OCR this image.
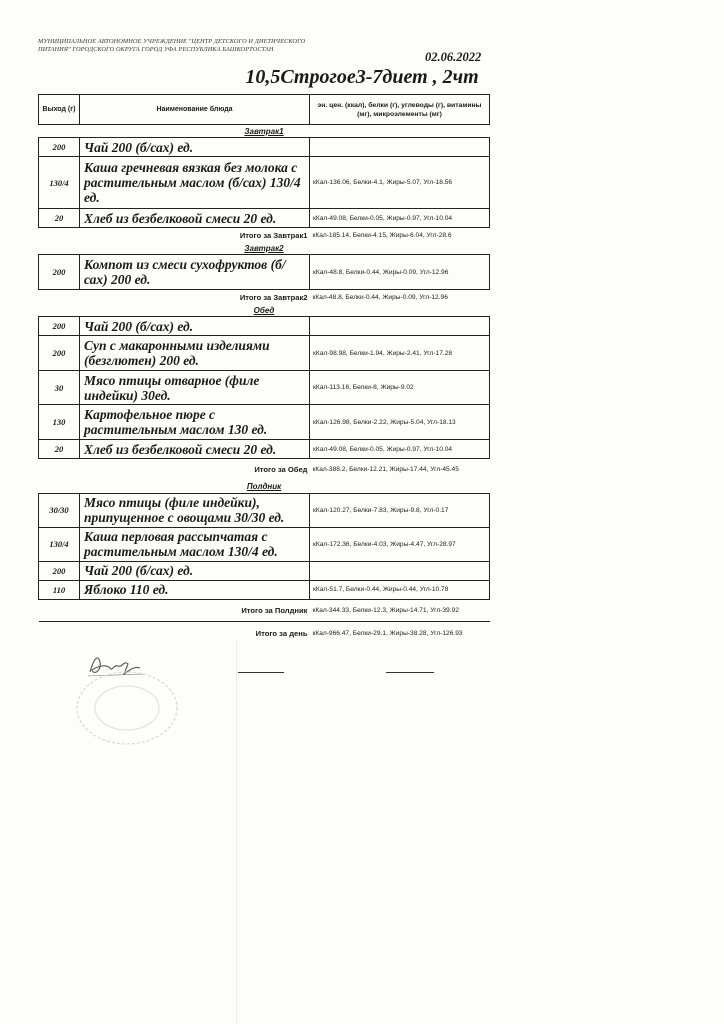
МУНИЦИПАЛЬНОЕ АВТОНОМНОЕ УЧРЕЖДЕНИЕ "ЦЕНТР ДЕТСКОГО И ДИЕТИЧЕСКОГО ПИТАНИЯ" ГОРОДСКОГО ОКРУГА ГОРОД УФА РЕСПУБЛИКА БАШКОРТОСТАН
02.06.2022
10,5Строгое3-7диет , 2чт
Выход (г)	Наименование блюда	эн. цен. (ккал), белки (г), углеводы (г), витамины (мг), микроэлементы (мг)
Завтрак1		
200	Чай 200 (б/сах) ед.	
130/4	Каша гречневая вязкая без молока с растительным маслом (б/сах) 130/4 ед.	кКал-136.06, Белки-4.1, Жиры-5.07, Угл-18.56
20	Хлеб из безбелковой смеси 20 ед.	кКал-49.08, Белки-0.05, Жиры-0.97, Угл-10.04
Итого за Завтрак1		кКал-185.14, Белки-4.15, Жиры-6.04, Угл-28.6
Завтрак2		
200	Компот из смеси сухофруктов (б/сах) 200 ед.	кКал-48.8, Белки-0.44, Жиры-0.09, Угл-12.96
Итого за Завтрак2		кКал-48.8, Белки-0.44, Жиры-0.09, Угл-12.96
Обед		
200	Чай 200 (б/сах) ед.	
200	Суп с макаронными изделиями (безглютен) 200 ед.	кКал-98.98, Белки-1.94, Жиры-2.41, Угл-17.28
30	Мясо птицы отварное (филе индейки) 30ед.	кКал-113.16, Белки-8, Жиры-9.02
130	Картофельное пюре с растительным маслом 130 ед.	кКал-126.98, Белки-2.22, Жиры-5.04, Угл-18.13
20	Хлеб из безбелковой смеси 20 ед.	кКал-49.08, Белки-0.05, Жиры-0.97, Угл-10.04
Итого за Обед		кКал-388.2, Белки-12.21, Жиры-17.44, Угл-45.45
Полдник		
30/30	Мясо птицы (филе индейки), припущенное с овощами 30/30 ед.	кКал-120.27, Белки-7.83, Жиры-9.8, Угл-0.17
130/4	Каша перловая рассыпчатая с растительным маслом 130/4 ед.	кКал-172.36, Белки-4.03, Жиры-4.47, Угл-28.97
200	Чай 200 (б/сах) ед.	
110	Яблоко 110 ед.	кКал-51.7, Белки-0.44, Жиры-0.44, Угл-10.78
Итого за Полдник		кКал-344.33, Белки-12.3, Жиры-14.71, Угл-39.92
Итого за день		кКал-966.47, Белки-29.1, Жиры-38.28, Угл-126.93
